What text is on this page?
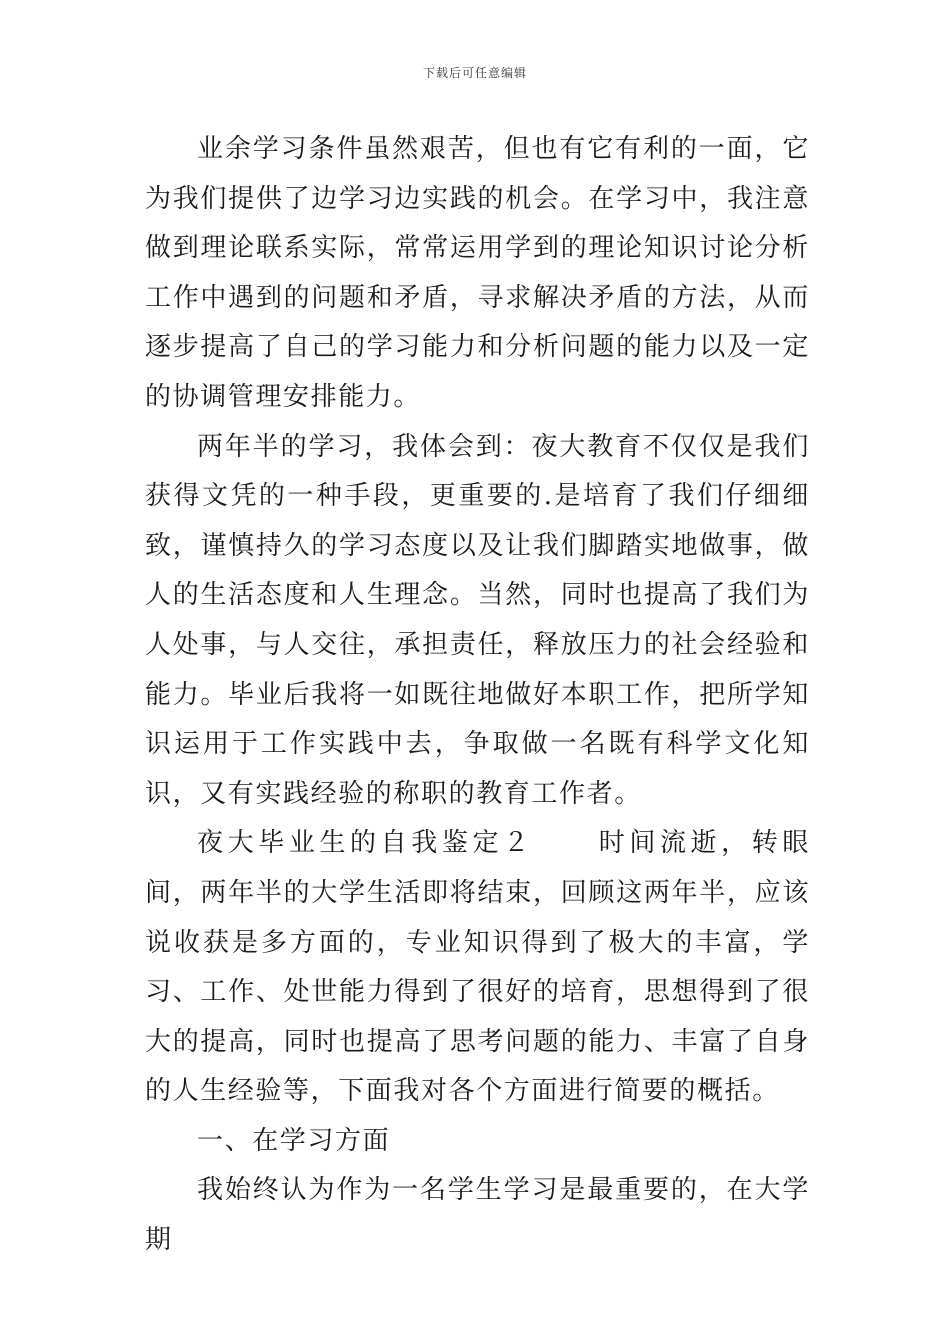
下载后可任意编辑

业余学习条件虽然艰苦，但也有它有利的一面，它为我们提供了边学习边实践的机会。在学习中，我注意做到理论联系实际，常常运用学到的理论知识讨论分析工作中遇到的问题和矛盾，寻求解决矛盾的方法，从而逐步提高了自己的学习能力和分析问题的能力以及一定的协调管理安排能力。

两年半的学习，我体会到：夜大教育不仅仅是我们获得文凭的一种手段，更重要的.是培育了我们仔细细致，谨慎持久的学习态度以及让我们脚踏实地做事，做人的生活态度和人生理念。当然，同时也提高了我们为人处事，与人交往，承担责任，释放压力的社会经验和能力。毕业后我将一如既往地做好本职工作，把所学知识运用于工作实践中去，争取做一名既有科学文化知识，又有实践经验的称职的教育工作者。

夜大毕业生的自我鉴定２ 时间流逝，转眼间，两年半的大学生活即将结束，回顾这两年半，应该说收获是多方面的，专业知识得到了极大的丰富，学习、工作、处世能力得到了很好的培育，思想得到了很大的提高，同时也提高了思考问题的能力、丰富了自身的人生经验等，下面我对各个方面进行简要的概括。

一、在学习方面

我始终认为作为一名学生学习是最重要的，在大学期
